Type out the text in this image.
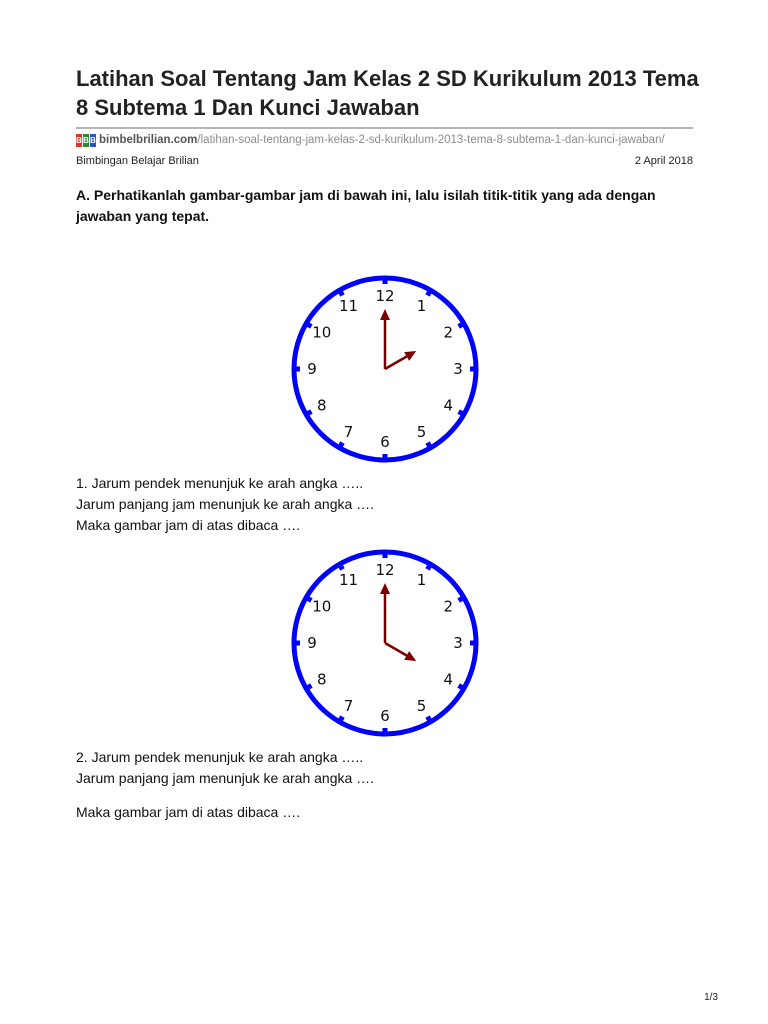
Latihan Soal Tentang Jam Kelas 2 SD Kurikulum 2013 Tema 8 Subtema 1 Dan Kunci Jawaban
B B B bimbelbrilian.com /latihan-soal-tentang-jam-kelas-2-sd-kurikulum-2013-tema-8-subtema-1-dan-kunci-jawaban/
Bimbingan Belajar Brilian	2 April 2018

A. Perhatikanlah gambar-gambar jam di bawah ini, lalu isilah titik-titik yang ada dengan jawaban yang tepat.

12
1
2
3
4
5
6
7
8
9
10
11
1. Jarum pendek menunjuk ke arah angka …..
Jarum panjang jam menunjuk ke arah angka ….
Maka gambar jam di atas dibaca ….
12
1
2
3
4
5
6
7
8
9
10
11
2. Jarum pendek menunjuk ke arah angka …..
Jarum panjang jam menunjuk ke arah angka ….
Maka gambar jam di atas dibaca ….
1/3
